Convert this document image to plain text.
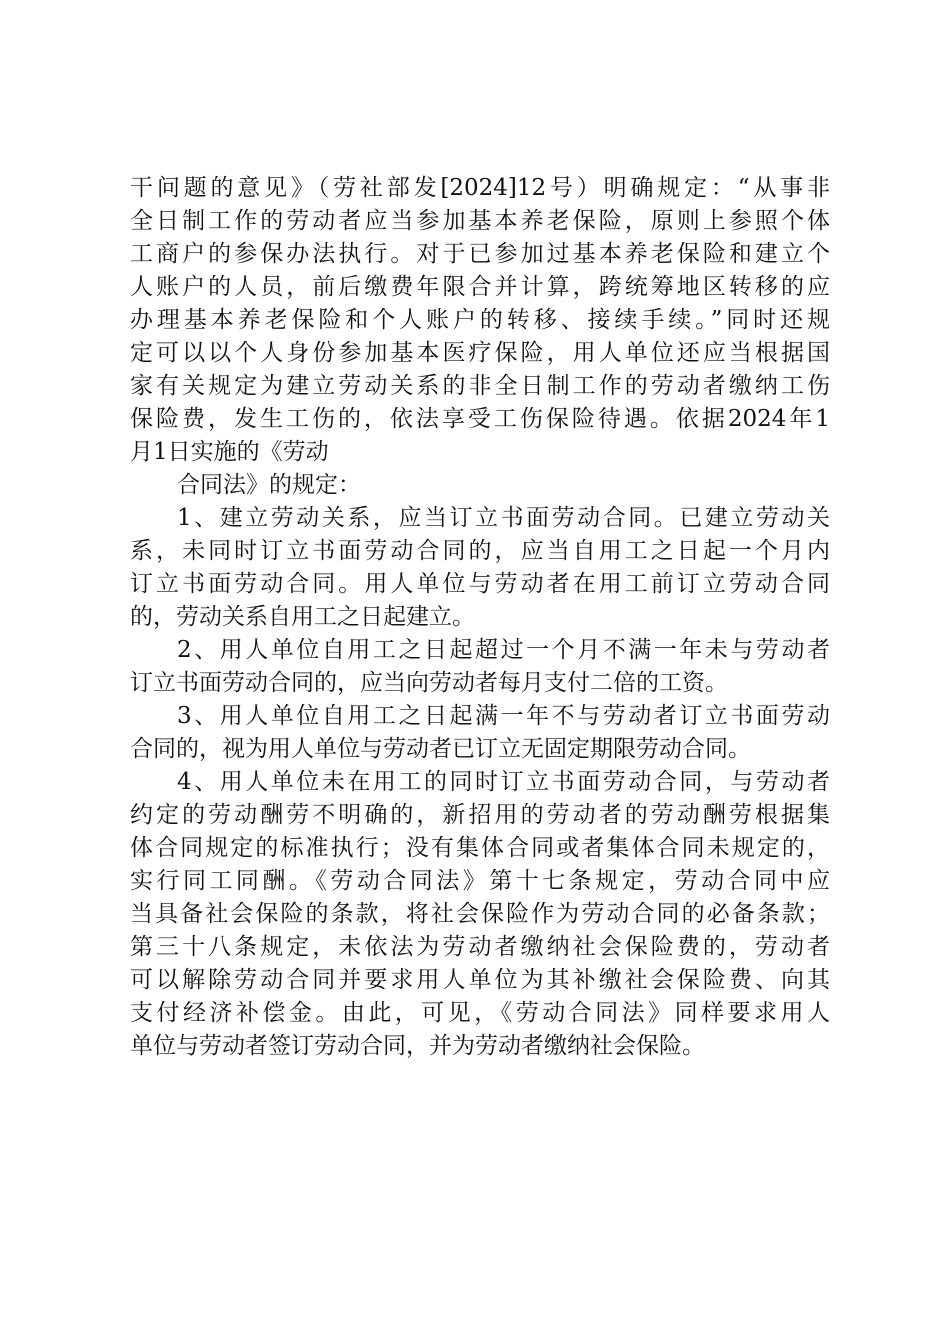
干问题的意见》（劳社部发[2024]12号）明确规定：“从事非
全日制工作的劳动者应当参加基本养老保险，原则上参照个体
工商户的参保办法执行。对于已参加过基本养老保险和建立个
人账户的人员，前后缴费年限合并计算，跨统筹地区转移的应
办理基本养老保险和个人账户的转移、接续手续。”同时还规
定可以以个人身份参加基本医疗保险，用人单位还应当根据国
家有关规定为建立劳动关系的非全日制工作的劳动者缴纳工伤
保险费，发生工伤的，依法享受工伤保险待遇。依据2024年1
月1日实施的《劳动
合同法》的规定：
1、建立劳动关系，应当订立书面劳动合同。已建立劳动关
系，未同时订立书面劳动合同的，应当自用工之日起一个月内
订立书面劳动合同。用人单位与劳动者在用工前订立劳动合同
的，劳动关系自用工之日起建立。
2、用人单位自用工之日起超过一个月不满一年未与劳动者
订立书面劳动合同的，应当向劳动者每月支付二倍的工资。
3、用人单位自用工之日起满一年不与劳动者订立书面劳动
合同的，视为用人单位与劳动者已订立无固定期限劳动合同。
4、用人单位未在用工的同时订立书面劳动合同，与劳动者
约定的劳动酬劳不明确的，新招用的劳动者的劳动酬劳根据集
体合同规定的标准执行；没有集体合同或者集体合同未规定的，
实行同工同酬。《劳动合同法》第十七条规定，劳动合同中应
当具备社会保险的条款，将社会保险作为劳动合同的必备条款；
第三十八条规定，未依法为劳动者缴纳社会保险费的，劳动者
可以解除劳动合同并要求用人单位为其补缴社会保险费、向其
支付经济补偿金。由此，可见，《劳动合同法》同样要求用人
单位与劳动者签订劳动合同，并为劳动者缴纳社会保险。
